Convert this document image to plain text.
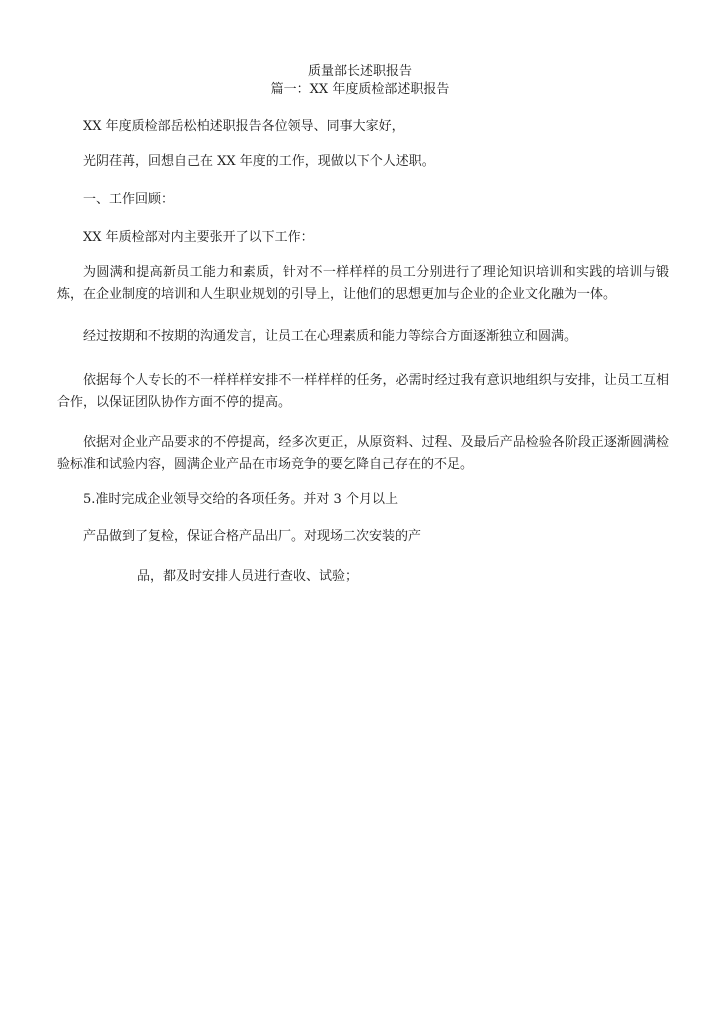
质量部长述职报告
篇一：XX 年度质检部述职报告
XX 年度质检部岳松柏述职报告各位领导、同事大家好，
光阴荏苒，回想自己在 XX 年度的工作，现做以下个人述职。
一、工作回顾：
XX 年质检部对内主要张开了以下工作：
为圆满和提高新员工能力和素质，针对不一样样样的员工分别进行了理论知识培训和实践的培训与锻炼，在企业制度的培训和人生职业规划的引导上，让他们的思想更加与企业的企业文化融为一体。
经过按期和不按期的沟通发言，让员工在心理素质和能力等综合方面逐渐独立和圆满。
依据每个人专长的不一样样样安排不一样样样的任务，必需时经过我有意识地组织与安排，让员工互相合作，以保证团队协作方面不停的提高。
依据对企业产品要求的不停提高，经多次更正，从原资料、过程、及最后产品检验各阶段正逐渐圆满检验标准和试验内容，圆满企业产品在市场竞争的要乞降自己存在的不足。
5.准时完成企业领导交给的各项任务。并对 3 个月以上
产品做到了复检，保证合格产品出厂。对现场二次安装的产
品，都及时安排人员进行查收、试验；
